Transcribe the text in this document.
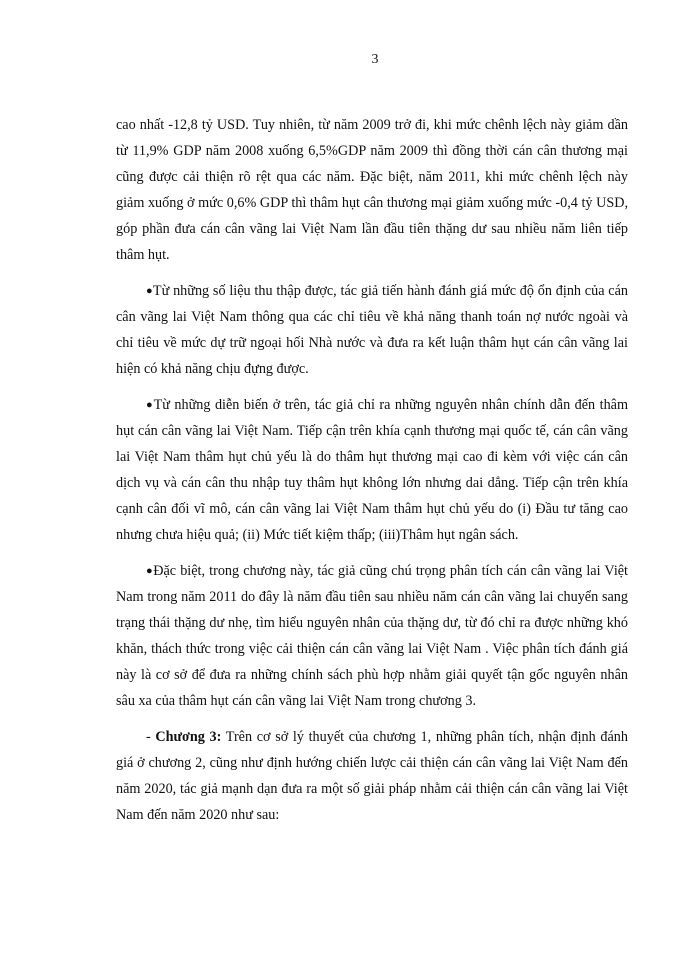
3

cao nhất -12,8 tỷ USD. Tuy nhiên, từ năm 2009 trở đi, khi mức chênh lệch này giảm dần từ 11,9% GDP năm 2008 xuống 6,5%GDP năm 2009 thì đồng thời cán cân thương mại cũng được cải thiện rõ rệt qua các năm. Đặc biệt, năm 2011, khi mức chênh lệch này giảm xuống ở mức 0,6% GDP thì thâm hụt cân thương mại giảm xuống mức -0,4 tỷ USD, góp phần đưa cán cân vãng lai Việt Nam lần đầu tiên thặng dư sau nhiều năm liên tiếp thâm hụt.

●Từ những số liệu thu thập được, tác giả tiến hành đánh giá mức độ ổn định của cán cân vãng lai Việt Nam thông qua các chỉ tiêu về khả năng thanh toán nợ nước ngoài và chỉ tiêu về mức dự trữ ngoại hối Nhà nước và đưa ra kết luận thâm hụt cán cân vãng lai hiện có khả năng chịu đựng được.

●Từ những diễn biến ở trên, tác giả chỉ ra những nguyên nhân chính dẫn đến thâm hụt cán cân vãng lai Việt Nam. Tiếp cận trên khía cạnh thương mại quốc tế, cán cân vãng lai Việt Nam thâm hụt chủ yếu là do thâm hụt thương mại cao đi kèm với việc cán cân dịch vụ và cán cân thu nhập tuy thâm hụt không lớn nhưng dai dẳng. Tiếp cận trên khía cạnh cân đối vĩ mô, cán cân vãng lai Việt Nam thâm hụt chủ yếu do (i) Đầu tư tăng cao nhưng chưa hiệu quả; (ii) Mức tiết kiệm thấp; (iii)Thâm hụt ngân sách.

●Đặc biệt, trong chương này, tác giả cũng chú trọng phân tích cán cân vãng lai Việt Nam trong năm 2011 do đây là năm đầu tiên sau nhiều năm cán cân vãng lai chuyển sang trạng thái thặng dư nhẹ, tìm hiểu nguyên nhân của thặng dư, từ đó chỉ ra được những khó khăn, thách thức trong việc cải thiện cán cân vãng lai Việt Nam . Việc phân tích đánh giá này là cơ sở để đưa ra những chính sách phù hợp nhằm giải quyết tận gốc nguyên nhân sâu xa của thâm hụt cán cân vãng lai Việt Nam trong chương 3.

- Chương 3: Trên cơ sở lý thuyết của chương 1, những phân tích, nhận định đánh giá ở chương 2, cũng như định hướng chiến lược cải thiện cán cân vãng lai Việt Nam đến năm 2020, tác giả mạnh dạn đưa ra một số giải pháp nhằm cải thiện cán cân vãng lai Việt Nam đến năm 2020 như sau:
